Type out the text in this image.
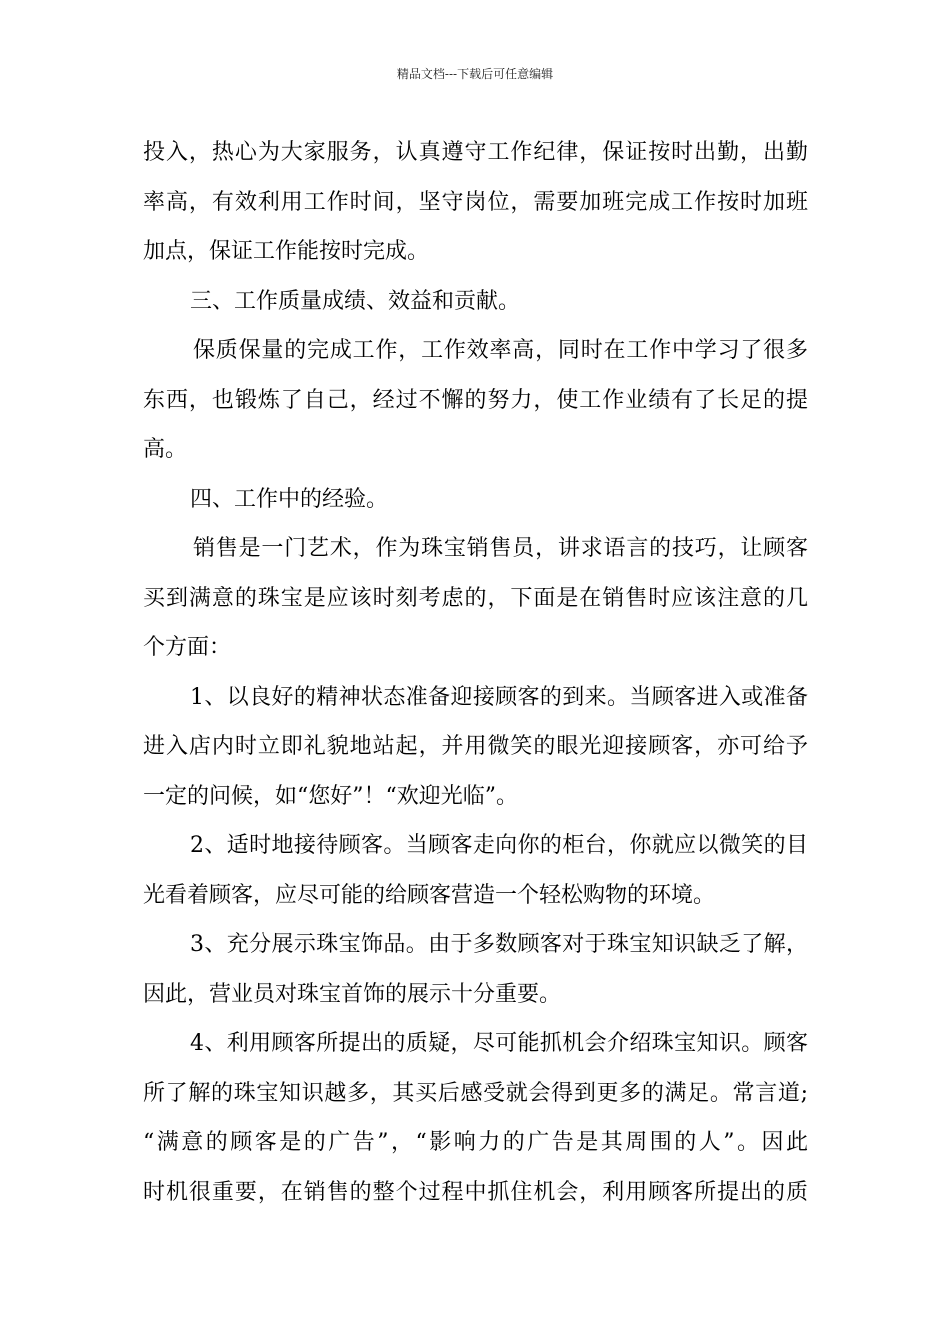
精品文档---下载后可任意编辑
投入，热心为大家服务，认真遵守工作纪律，保证按时出勤，出勤
率高，有效利用工作时间，坚守岗位，需要加班完成工作按时加班
加点，保证工作能按时完成。
三、工作质量成绩、效益和贡献。
保质保量的完成工作，工作效率高，同时在工作中学习了很多
东西，也锻炼了自己，经过不懈的努力，使工作业绩有了长足的提
高。
四、工作中的经验。
销售是一门艺术，作为珠宝销售员，讲求语言的技巧，让顾客
买到满意的珠宝是应该时刻考虑的，下面是在销售时应该注意的几
个方面：
1、以良好的精神状态准备迎接顾客的到来。当顾客进入或准备
进入店内时立即礼貌地站起，并用微笑的眼光迎接顾客，亦可给予
一定的问候，如“您好”！“欢迎光临”。
2、适时地接待顾客。当顾客走向你的柜台，你就应以微笑的目
光看着顾客，应尽可能的给顾客营造一个轻松购物的环境。
3、充分展示珠宝饰品。由于多数顾客对于珠宝知识缺乏了解，
因此，营业员对珠宝首饰的展示十分重要。
4、利用顾客所提出的质疑，尽可能抓机会介绍珠宝知识。顾客
所了解的珠宝知识越多，其买后感受就会得到更多的满足。常言道;
“满意的顾客是的广告”，“影响力的广告是其周围的人”。因此
时机很重要，在销售的整个过程中抓住机会，利用顾客所提出的质
